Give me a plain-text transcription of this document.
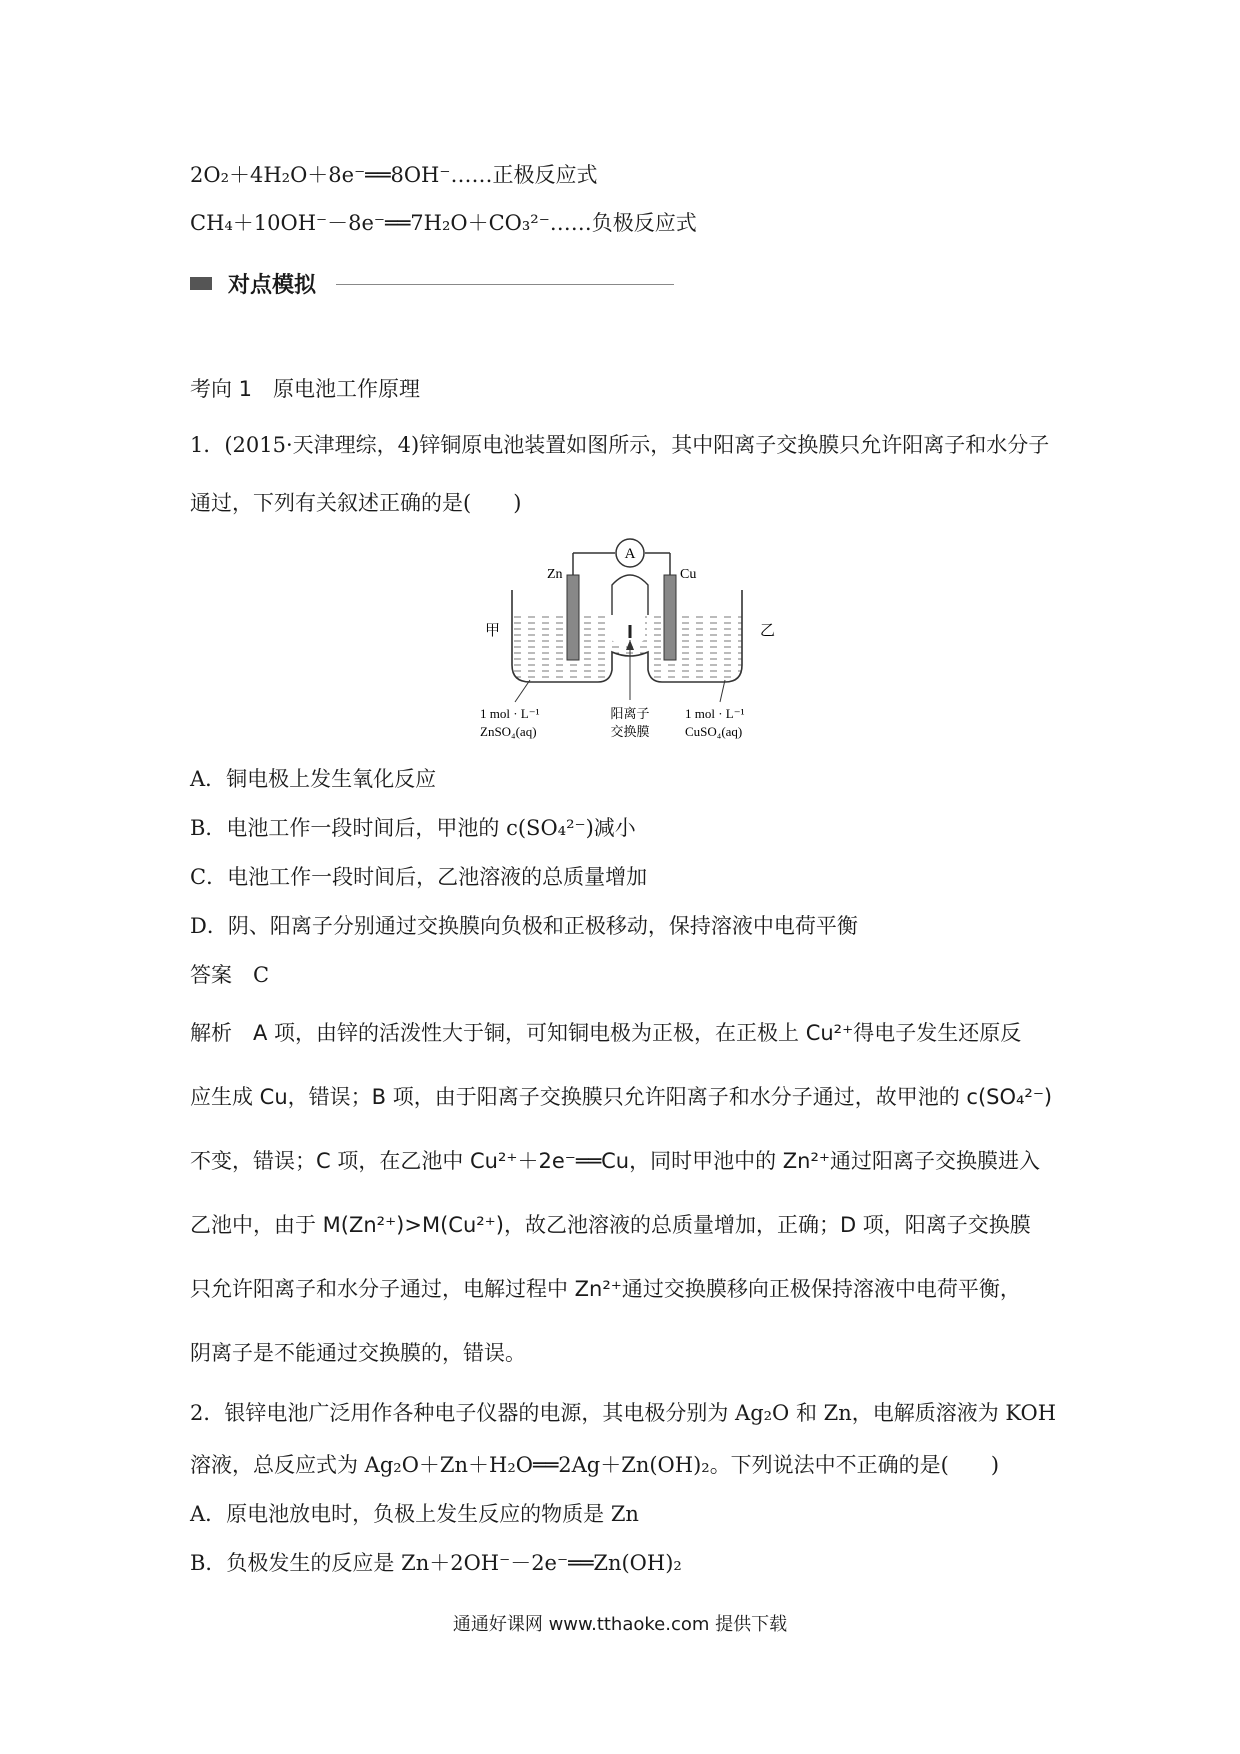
2O₂＋4H₂O＋8e⁻══8OH⁻……正极反应式
CH₄＋10OH⁻－8e⁻══7H₂O＋CO₃²⁻……负极反应式
对点模拟
考向 1　原电池工作原理
1．(2015·天津理综，4)锌铜原电池装置如图所示，其中阳离子交换膜只允许阳离子和水分子
通过，下列有关叙述正确的是(　　)
A
Zn	Cu
甲	乙
1 mol · L⁻¹
ZnSO₄(aq)
阳离子
交换膜
1 mol · L⁻¹
CuSO₄(aq)
A．铜电极上发生氧化反应
B．电池工作一段时间后，甲池的 c(SO₄²⁻)减小
C．电池工作一段时间后，乙池溶液的总质量增加
D．阴、阳离子分别通过交换膜向负极和正极移动，保持溶液中电荷平衡
答案　C
解析　A 项，由锌的活泼性大于铜，可知铜电极为正极，在正极上 Cu²⁺得电子发生还原反
应生成 Cu，错误；B 项，由于阳离子交换膜只允许阳离子和水分子通过，故甲池的 c(SO₄²⁻)
不变，错误；C 项，在乙池中 Cu²⁺＋2e⁻══Cu，同时甲池中的 Zn²⁺通过阳离子交换膜进入
乙池中，由于 M(Zn²⁺)>M(Cu²⁺)，故乙池溶液的总质量增加，正确；D 项，阳离子交换膜
只允许阳离子和水分子通过，电解过程中 Zn²⁺通过交换膜移向正极保持溶液中电荷平衡，
阴离子是不能通过交换膜的，错误。
2．银锌电池广泛用作各种电子仪器的电源，其电极分别为 Ag₂O 和 Zn，电解质溶液为 KOH
溶液，总反应式为 Ag₂O＋Zn＋H₂O══2Ag＋Zn(OH)₂。下列说法中不正确的是(　　)
A．原电池放电时，负极上发生反应的物质是 Zn
B．负极发生的反应是 Zn＋2OH⁻－2e⁻══Zn(OH)₂
通通好课网 www.tthaoke.com 提供下载
